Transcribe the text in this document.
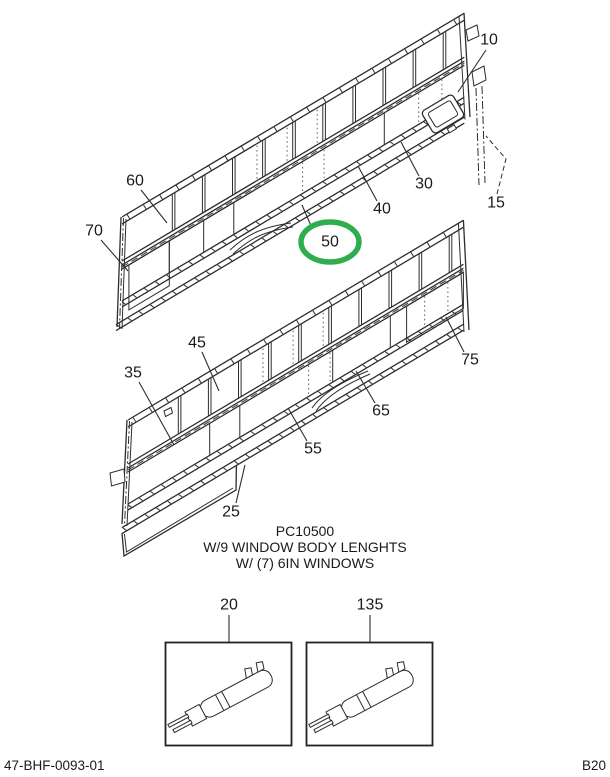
10
15
25
30
35
40
45
50
55
60
65
70
75
PC10500
W/9 WINDOW BODY LENGHTS
W/ (7) 6IN WINDOWS
20	135
47-BHF-0093-01	B20
